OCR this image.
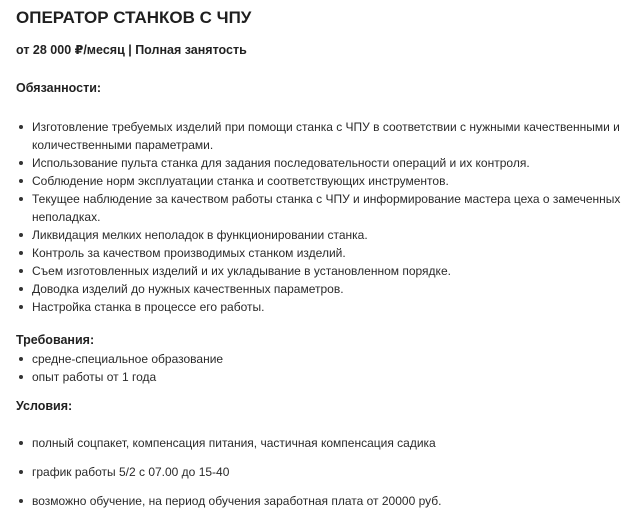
ОПЕРАТОР СТАНКОВ С ЧПУ
от 28 000 ₽/месяц | Полная занятость
Обязанности:
Изготовление требуемых изделий при помощи станка с ЧПУ в соответствии с нужными качественными и количественными параметрами.
Использование пульта станка для задания последовательности операций и их контроля.
Соблюдение норм эксплуатации станка и соответствующих инструментов.
Текущее наблюдение за качеством работы станка с ЧПУ и информирование мастера цеха о замеченных неполадках.
Ликвидация мелких неполадок в функционировании станка.
Контроль за качеством производимых станком изделий.
Съем изготовленных изделий и их укладывание в установленном порядке.
Доводка изделий до нужных качественных параметров.
Настройка станка в процессе его работы.
Требования:
средне-специальное образование
опыт работы от 1 года
Условия:
полный соцпакет, компенсация питания, частичная компенсация садика
график работы 5/2 с 07.00 до 15-40
возможно обучение, на период обучения заработная плата от 20000 руб.
